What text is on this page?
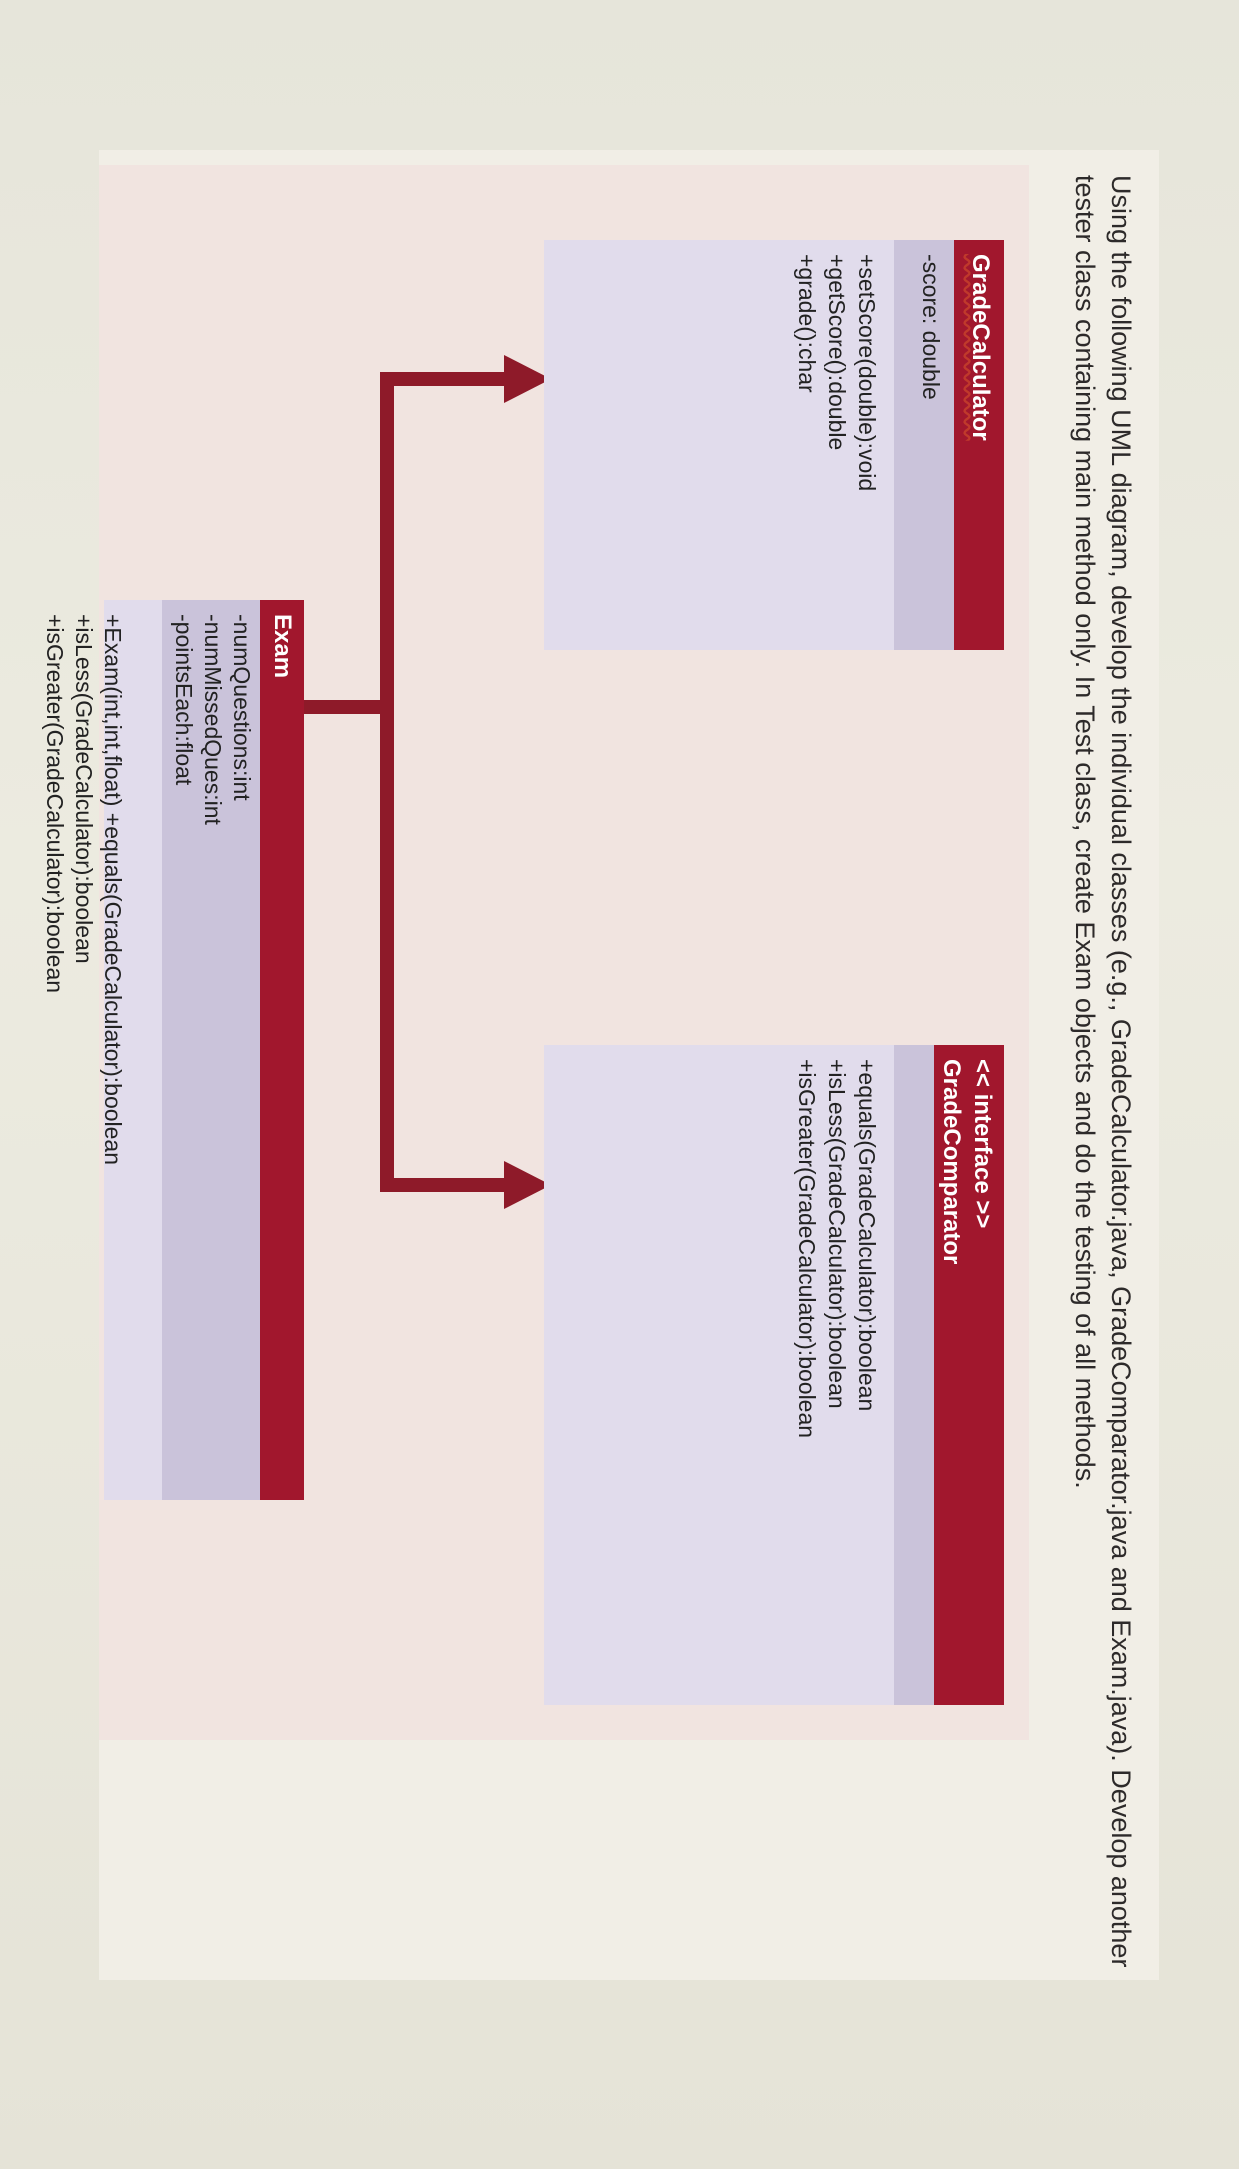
Using the following UML diagram, develop the individual classes (e.g., GradeCalculator.java, GradeComparator.java and Exam.java). Develop another tester class containing main method only. In Test class, create Exam objects and do the testing of all methods.

GradeCalculator
-score: double
+setScore(double):void
+getScore():double
+grade():char
<< interface >>
GradeComparator
+equals(GradeCalculator):boolean
+isLess(GradeCalculator):boolean
+isGreater(GradeCalculator):boolean
Exam
-numQuestions:int
-numMissedQues:int
-pointsEach:float
+Exam(int,int,float) +equals(GradeCalculator):boolean
+isLess(GradeCalculator):boolean
+isGreater(GradeCalculator):boolean
